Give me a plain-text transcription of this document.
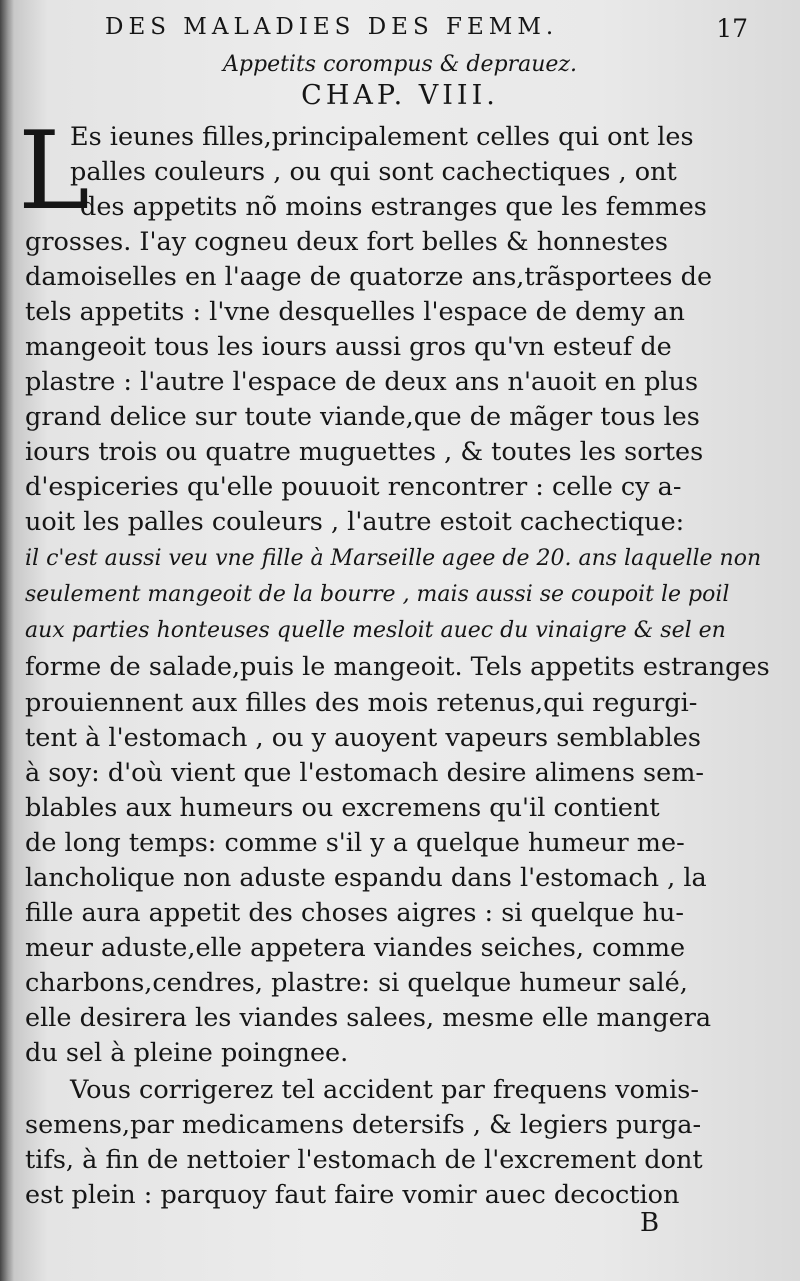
DES MALADIES DES FEMM.	17
Appetits corompus & deprauez.
CHAP. VIII.
L
Es ieunes filles,principalement celles qui ont les
palles couleurs , ou qui sont cachectiques , ont
des appetits nõ moins estranges que les femmes
grosses. I'ay cogneu deux fort belles & honnestes
damoiselles en l'aage de quatorze ans,trãsportees de
tels appetits : l'vne desquelles l'espace de demy an
mangeoit tous les iours aussi gros qu'vn esteuf de
plastre : l'autre l'espace de deux ans n'auoit en plus
grand delice sur toute viande,que de mãger tous les
iours trois ou quatre muguettes , & toutes les sortes
d'espiceries qu'elle pouuoit rencontrer : celle cy a-
uoit les palles couleurs , l'autre estoit cachectique:
il c'est aussi veu vne fille à Marseille agee de 20. ans laquelle non
seulement mangeoit de la bourre , mais aussi se coupoit le poil
aux parties honteuses quelle mesloit auec du vinaigre & sel en
forme de salade,puis le mangeoit. Tels appetits estranges
prouiennent aux filles des mois retenus,qui regurgi-
tent à l'estomach , ou y auoyent vapeurs semblables
à soy: d'où vient que l'estomach desire alimens sem-
blables aux humeurs ou excremens qu'il contient
de long temps: comme s'il y a quelque humeur me-
lancholique non aduste espandu dans l'estomach , la
fille aura appetit des choses aigres : si quelque hu-
meur aduste,elle appetera viandes seiches, comme
charbons,cendres, plastre: si quelque humeur salé,
elle desirera les viandes salees, mesme elle mangera
du sel à pleine poingnee.
Vous corrigerez tel accident par frequens vomis-
semens,par medicamens detersifs , & legiers purga-
tifs, à fin de nettoier l'estomach de l'excrement dont
est plein : parquoy faut faire vomir auec decoction
B
